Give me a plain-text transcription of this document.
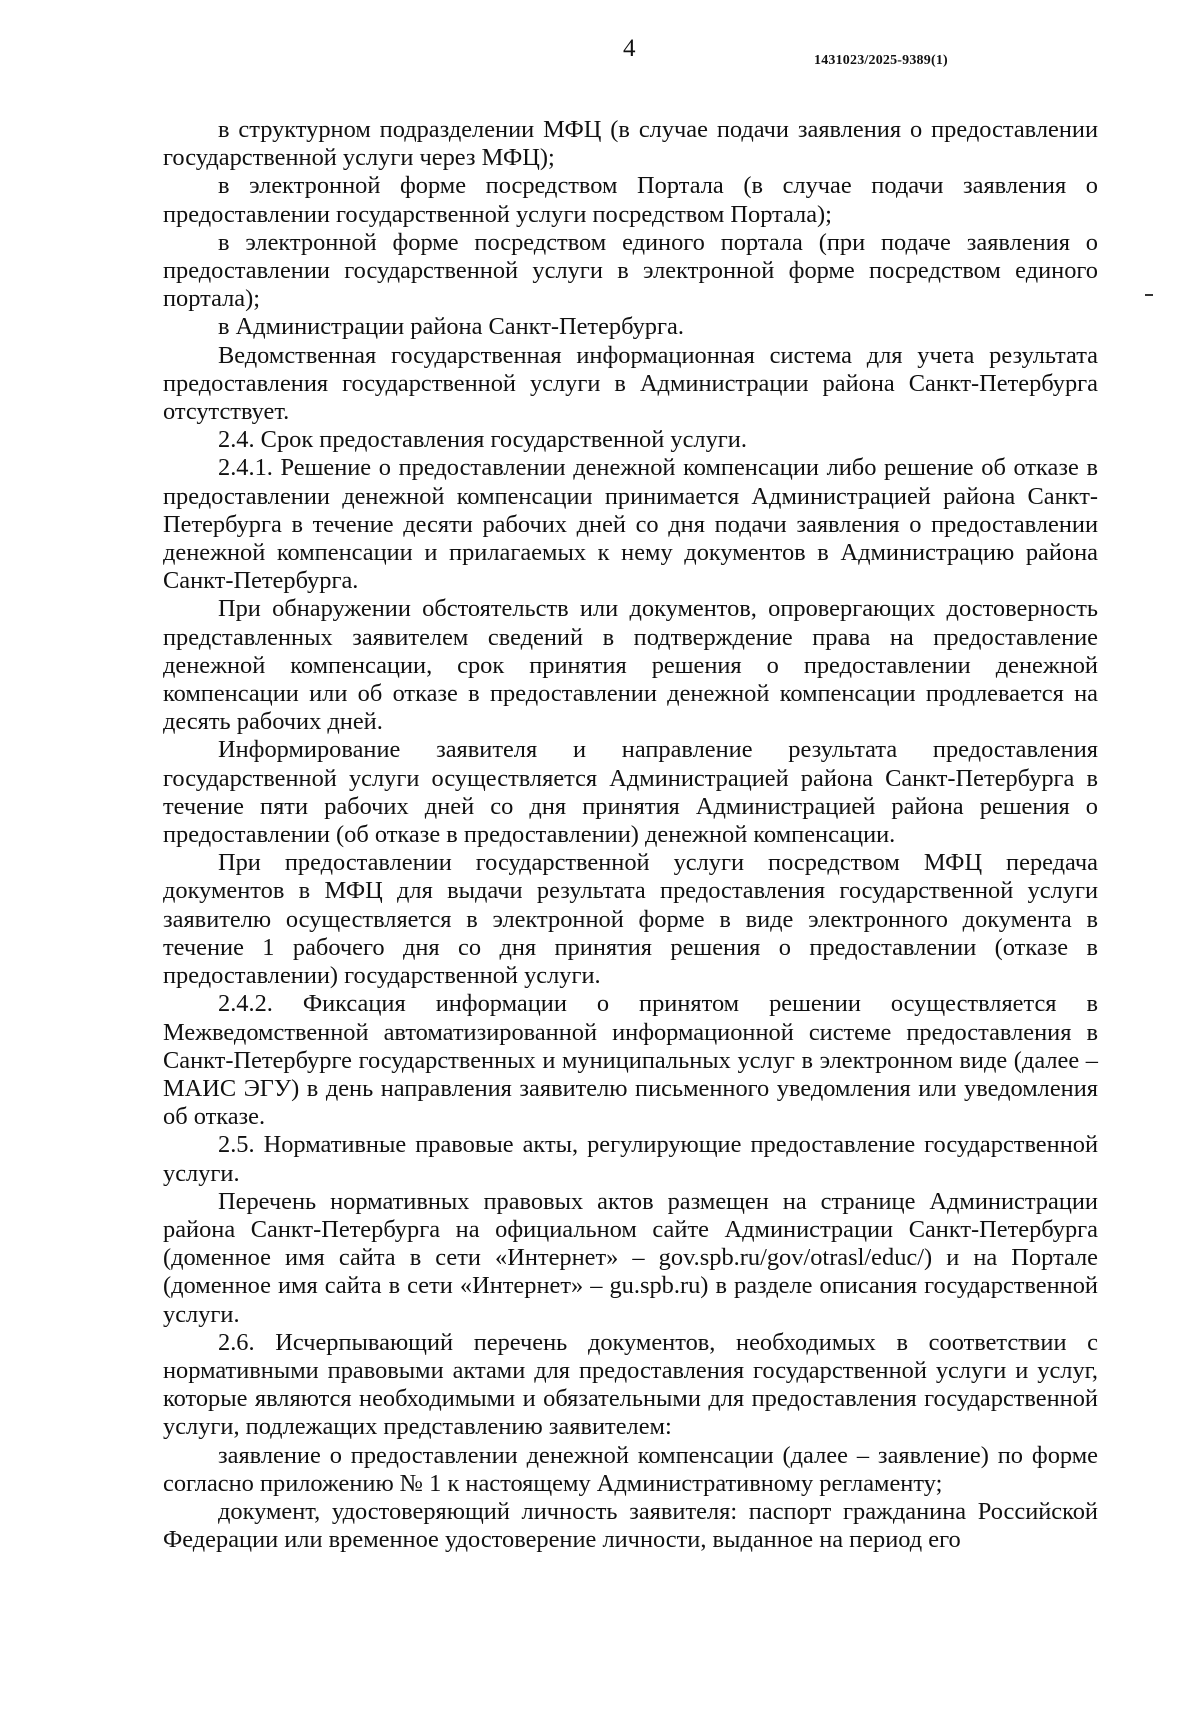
4	1431023/2025-9389(1)

в структурном подразделении МФЦ (в случае подачи заявления о предоставлении государственной услуги через МФЦ);

в электронной форме посредством Портала (в случае подачи заявления о предоставлении государственной услуги посредством Портала);

в электронной форме посредством единого портала (при подаче заявления о предоставлении государственной услуги в электронной форме посредством единого портала);

в Администрации района Санкт-Петербурга.

Ведомственная государственная информационная система для учета результата предоставления государственной услуги в Администрации района Санкт-Петербурга отсутствует.

2.4. Срок предоставления государственной услуги.

2.4.1. Решение о предоставлении денежной компенсации либо решение об отказе в предоставлении денежной компенсации принимается Администрацией района Санкт-Петербурга в течение десяти рабочих дней со дня подачи заявления о предоставлении денежной компенсации и прилагаемых к нему документов в Администрацию района Санкт-Петербурга.

При обнаружении обстоятельств или документов, опровергающих достоверность представленных заявителем сведений в подтверждение права на предоставление денежной компенсации, срок принятия решения о предоставлении денежной компенсации или об отказе в предоставлении денежной компенсации продлевается на десять рабочих дней.

Информирование заявителя и направление результата предоставления государственной услуги осуществляется Администрацией района Санкт-Петербурга в течение пяти рабочих дней со дня принятия Администрацией района решения о предоставлении (об отказе в предоставлении) денежной компенсации.

При предоставлении государственной услуги посредством МФЦ передача документов в МФЦ для выдачи результата предоставления государственной услуги заявителю осуществляется в электронной форме в виде электронного документа в течение 1 рабочего дня со дня принятия решения о предоставлении (отказе в предоставлении) государственной услуги.

2.4.2. Фиксация информации о принятом решении осуществляется в Межведомственной автоматизированной информационной системе предоставления в Санкт-Петербурге государственных и муниципальных услуг в электронном виде (далее – МАИС ЭГУ) в день направления заявителю письменного уведомления или уведомления об отказе.

2.5. Нормативные правовые акты, регулирующие предоставление государственной услуги.

Перечень нормативных правовых актов размещен на странице Администрации района Санкт-Петербурга на официальном сайте Администрации Санкт-Петербурга (доменное имя сайта в сети «Интернет» – gov.spb.ru/gov/otrasl/educ/) и на Портале (доменное имя сайта в сети «Интернет» – gu.spb.ru) в разделе описания государственной услуги.

2.6. Исчерпывающий перечень документов, необходимых в соответствии с нормативными правовыми актами для предоставления государственной услуги и услуг, которые являются необходимыми и обязательными для предоставления государственной услуги, подлежащих представлению заявителем:

заявление о предоставлении денежной компенсации (далее – заявление) по форме согласно приложению № 1 к настоящему Административному регламенту;

документ, удостоверяющий личность заявителя: паспорт гражданина Российской Федерации или временное удостоверение личности, выданное на период его
